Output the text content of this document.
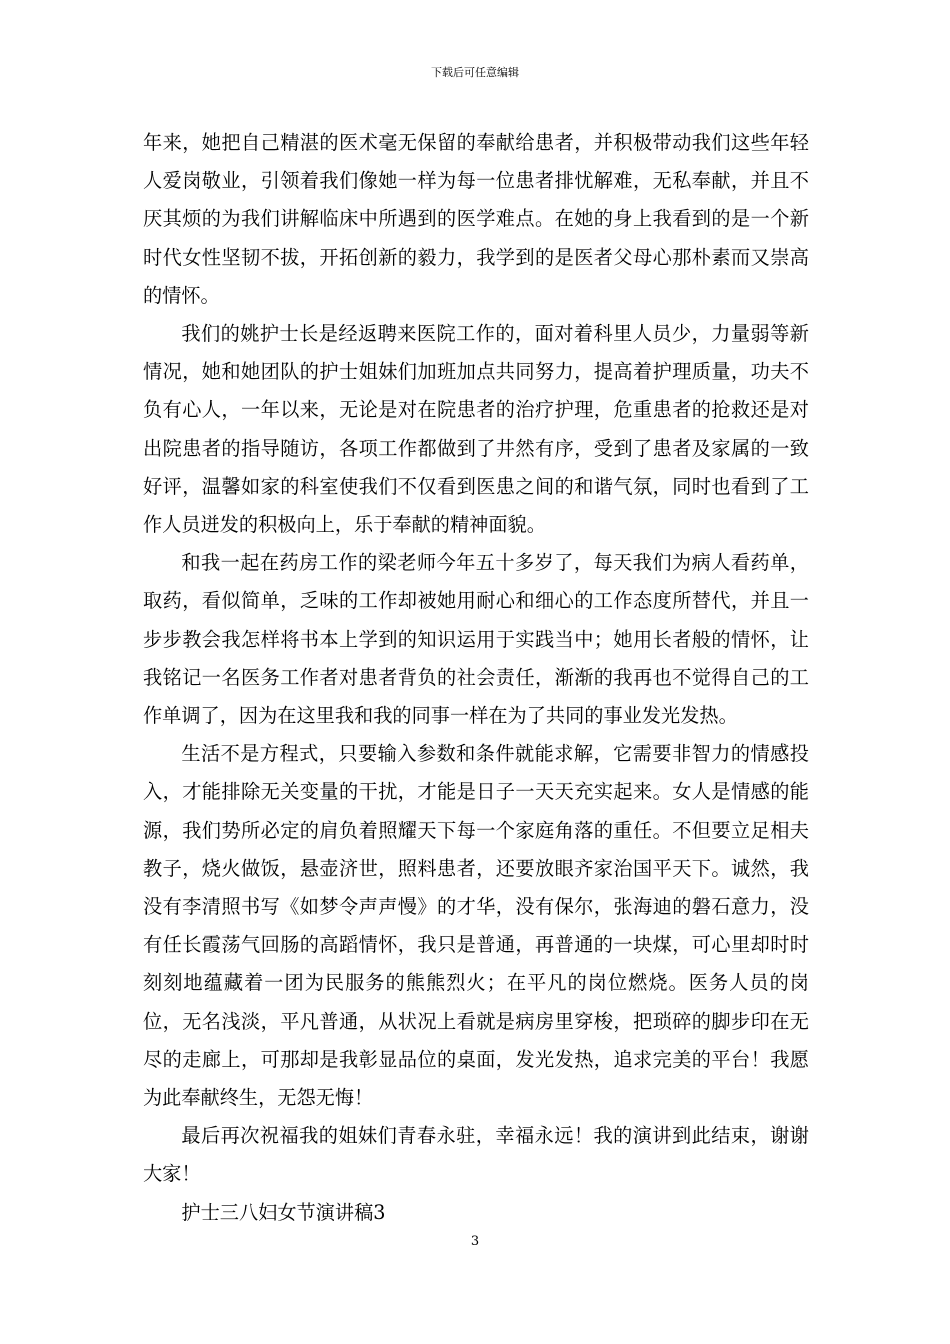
下载后可任意编辑

年来，她把自己精湛的医术毫无保留的奉献给患者，并积极带动我们这些年轻人爱岗敬业，引领着我们像她一样为每一位患者排忧解难，无私奉献，并且不厌其烦的为我们讲解临床中所遇到的医学难点。在她的身上我看到的是一个新时代女性坚韧不拔，开拓创新的毅力，我学到的是医者父母心那朴素而又崇高的情怀。

我们的姚护士长是经返聘来医院工作的，面对着科里人员少，力量弱等新情况，她和她团队的护士姐妹们加班加点共同努力，提高着护理质量，功夫不负有心人，一年以来，无论是对在院患者的治疗护理，危重患者的抢救还是对出院患者的指导随访，各项工作都做到了井然有序，受到了患者及家属的一致好评，温馨如家的科室使我们不仅看到医患之间的和谐气氛，同时也看到了工作人员迸发的积极向上，乐于奉献的精神面貌。

和我一起在药房工作的梁老师今年五十多岁了，每天我们为病人看药单，取药，看似简单，乏味的工作却被她用耐心和细心的工作态度所替代，并且一步步教会我怎样将书本上学到的知识运用于实践当中；她用长者般的情怀，让我铭记一名医务工作者对患者背负的社会责任，渐渐的我再也不觉得自己的工作单调了，因为在这里我和我的同事一样在为了共同的事业发光发热。

生活不是方程式，只要输入参数和条件就能求解，它需要非智力的情感投入，才能排除无关变量的干扰，才能是日子一天天充实起来。女人是情感的能源，我们势所必定的肩负着照耀天下每一个家庭角落的重任。不但要立足相夫教子，烧火做饭，悬壶济世，照料患者，还要放眼齐家治国平天下。诚然，我没有李清照书写《如梦令声声慢》的才华，没有保尔，张海迪的磐石意力，没有任长霞荡气回肠的高蹈情怀，我只是普通，再普通的一块煤，可心里却时时刻刻地蕴藏着一团为民服务的熊熊烈火；在平凡的岗位燃烧。医务人员的岗位，无名浅淡，平凡普通，从状况上看就是病房里穿梭，把琐碎的脚步印在无尽的走廊上，可那却是我彰显品位的桌面，发光发热，追求完美的平台！我愿为此奉献终生，无怨无悔！

最后再次祝福我的姐妹们青春永驻，幸福永远！我的演讲到此结束，谢谢大家！

护士三八妇女节演讲稿3

3
